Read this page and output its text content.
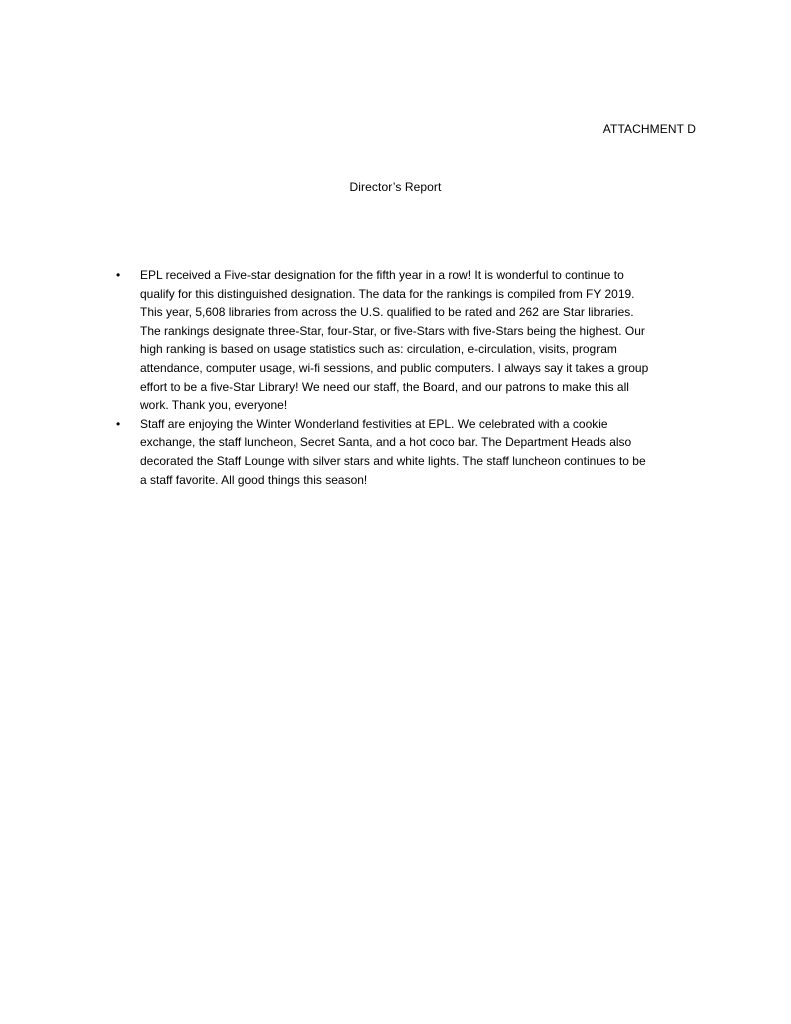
ATTACHMENT D
Director’s Report
• EPL received a Five-star designation for the fifth year in a row! It is wonderful to continue to
qualify for this distinguished designation. The data for the rankings is compiled from FY 2019.
This year, 5,608 libraries from across the U.S. qualified to be rated and 262 are Star libraries.
The rankings designate three-Star, four-Star, or five-Stars with five-Stars being the highest. Our
high ranking is based on usage statistics such as: circulation, e-circulation, visits, program
attendance, computer usage, wi-fi sessions, and public computers. I always say it takes a group
effort to be a five-Star Library! We need our staff, the Board, and our patrons to make this all
work. Thank you, everyone!
• Staff are enjoying the Winter Wonderland festivities at EPL. We celebrated with a cookie
exchange, the staff luncheon, Secret Santa, and a hot coco bar. The Department Heads also
decorated the Staff Lounge with silver stars and white lights. The staff luncheon continues to be
a staff favorite. All good things this season!
